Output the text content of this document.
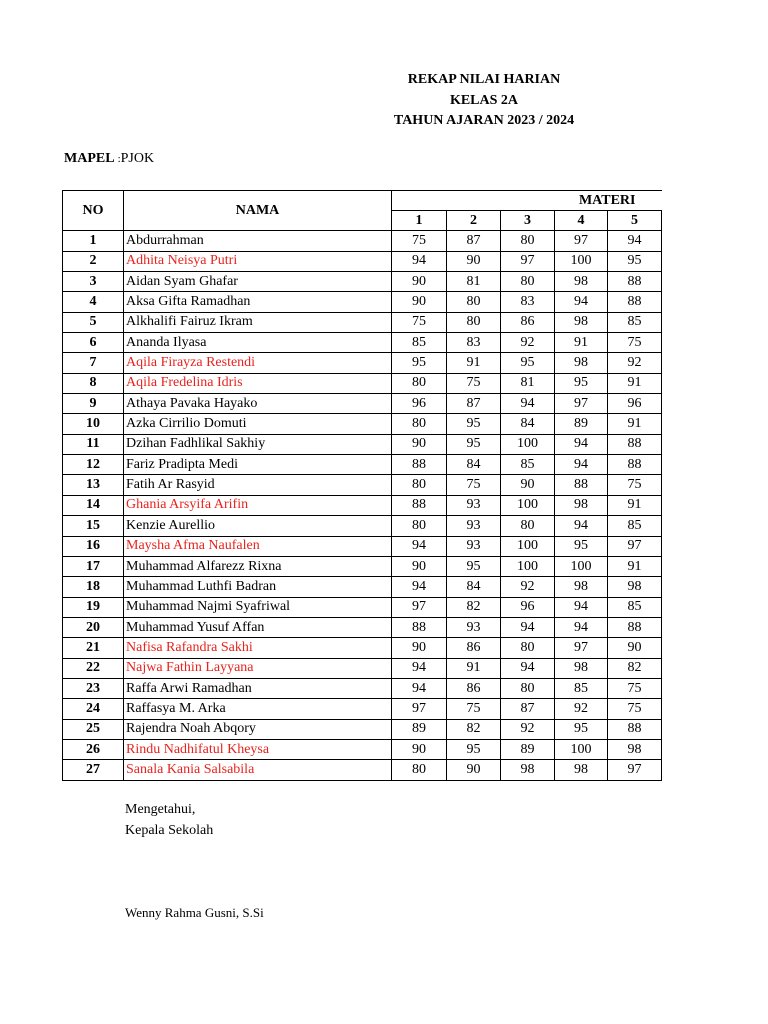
REKAP NILAI HARIAN
KELAS 2A
TAHUN AJARAN 2023 / 2024
MAPEL :PJOK
NO	NAMA	MATERI				
		1	2	3	4	5
1	Abdurrahman	75	87	80	97	94
2	Adhita Neisya Putri	94	90	97	100	95
3	Aidan Syam Ghafar	90	81	80	98	88
4	Aksa Gifta Ramadhan	90	80	83	94	88
5	Alkhalifi Fairuz Ikram	75	80	86	98	85
6	Ananda Ilyasa	85	83	92	91	75
7	Aqila Firayza Restendi	95	91	95	98	92
8	Aqila Fredelina Idris	80	75	81	95	91
9	Athaya Pavaka Hayako	96	87	94	97	96
10	Azka Cirrilio Domuti	80	95	84	89	91
11	Dzihan Fadhlikal Sakhiy	90	95	100	94	88
12	Fariz Pradipta Medi	88	84	85	94	88
13	Fatih Ar Rasyid	80	75	90	88	75
14	Ghania Arsyifa Arifin	88	93	100	98	91
15	Kenzie Aurellio	80	93	80	94	85
16	Maysha Afma Naufalen	94	93	100	95	97
17	Muhammad Alfarezz Rixna	90	95	100	100	91
18	Muhammad Luthfi Badran	94	84	92	98	98
19	Muhammad Najmi Syafriwal	97	82	96	94	85
20	Muhammad Yusuf Affan	88	93	94	94	88
21	Nafisa Rafandra Sakhi	90	86	80	97	90
22	Najwa Fathin Layyana	94	91	94	98	82
23	Raffa Arwi Ramadhan	94	86	80	85	75
24	Raffasya M. Arka	97	75	87	92	75
25	Rajendra Noah Abqory	89	82	92	95	88
26	Rindu Nadhifatul Kheysa	90	95	89	100	98
27	Sanala Kania Salsabila	80	90	98	98	97
Mengetahui,
Kepala Sekolah
Wenny Rahma Gusni, S.Si
